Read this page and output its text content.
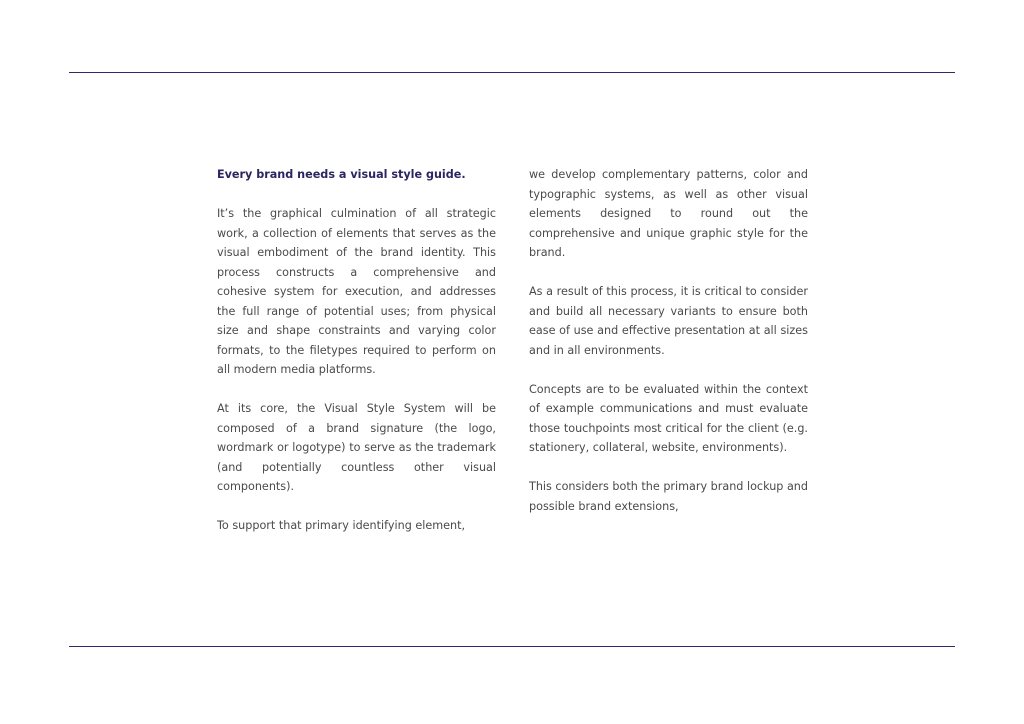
Every brand needs a visual style guide.

It’s the graphical culmination of all strategic work, a collection of elements that serves as the visual embodiment of the brand identity. This process constructs a comprehensive and cohesive system for execution, and addresses the full range of potential uses; from physical size and shape constraints and varying color formats, to the filetypes required to perform on all modern media platforms.

At its core, the Visual Style System will be composed of a brand signature (the logo, wordmark or logotype) to serve as the trademark (and potentially countless other visual components).

To support that primary identifying element,

we develop complementary patterns, color and typographic systems, as well as other visual elements designed to round out the comprehensive and unique graphic style for the brand.

As a result of this process, it is critical to consider and build all necessary variants to ensure both ease of use and effective presentation at all sizes and in all environments.

Concepts are to be evaluated within the context of example communications and must evaluate those touchpoints most critical for the client (e.g. stationery, collateral, website, environments).

This considers both the primary brand lockup and possible brand extensions,
